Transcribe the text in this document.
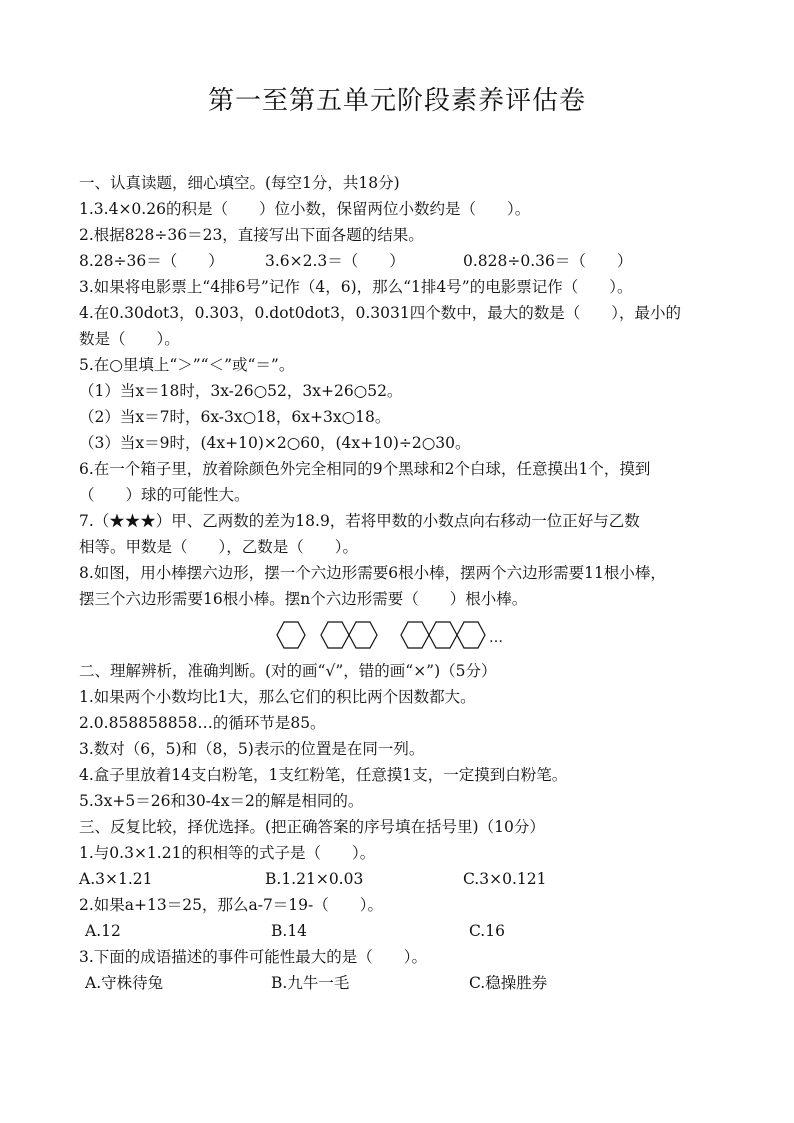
第一至第五单元阶段素养评估卷
一、认真读题，细心填空。(每空1分，共18分)
1.3.4×0.26的积是（　　）位小数，保留两位小数约是（　　）。
2.根据828÷36＝23，直接写出下面各题的结果。
8.28÷36＝（　　）	3.6×2.3＝（　　）	0.828÷0.36＝（　　）
3.如果将电影票上“4排6号”记作（4，6)，那么“1排4号”的电影票记作（　　）。
4.在0.30dot3，0.303，0.dot0dot3，0.3031四个数中，最大的数是（　　），最小的
数是（　　）。
5.在○里填上“＞”“＜”或“＝”。
（1）当x＝18时，3x-26○52，3x+26○52。
（2）当x＝7时，6x-3x○18，6x+3x○18。
（3）当x＝9时，(4x+10)×2○60，(4x+10)÷2○30。
6.在一个箱子里，放着除颜色外完全相同的9个黑球和2个白球，任意摸出1个，摸到
（　　）球的可能性大。
7.（★★★）甲、乙两数的差为18.9，若将甲数的小数点向右移动一位正好与乙数
相等。甲数是（　　），乙数是（　　）。
8.如图，用小棒摆六边形，摆一个六边形需要6根小棒，摆两个六边形需要11根小棒，
摆三个六边形需要16根小棒。摆n个六边形需要（　　）根小棒。
…
二、理解辨析，准确判断。(对的画“√”，错的画“×”)（5分）
1.如果两个小数均比1大，那么它们的积比两个因数都大。
2.0.858858858…的循环节是85。
3.数对（6，5)和（8，5)表示的位置是在同一列。
4.盒子里放着14支白粉笔，1支红粉笔，任意摸1支，一定摸到白粉笔。
5.3x+5＝26和30-4x＝2的解是相同的。
三、反复比较，择优选择。(把正确答案的序号填在括号里)（10分）
1.与0.3×1.21的积相等的式子是（　　）。
A.3×1.21	B.1.21×0.03	C.3×0.121
2.如果a+13＝25，那么a-7＝19-（　　）。
A.12	B.14	C.16
3.下面的成语描述的事件可能性最大的是（　　）。
A.守株待兔	B.九牛一毛	C.稳操胜券
